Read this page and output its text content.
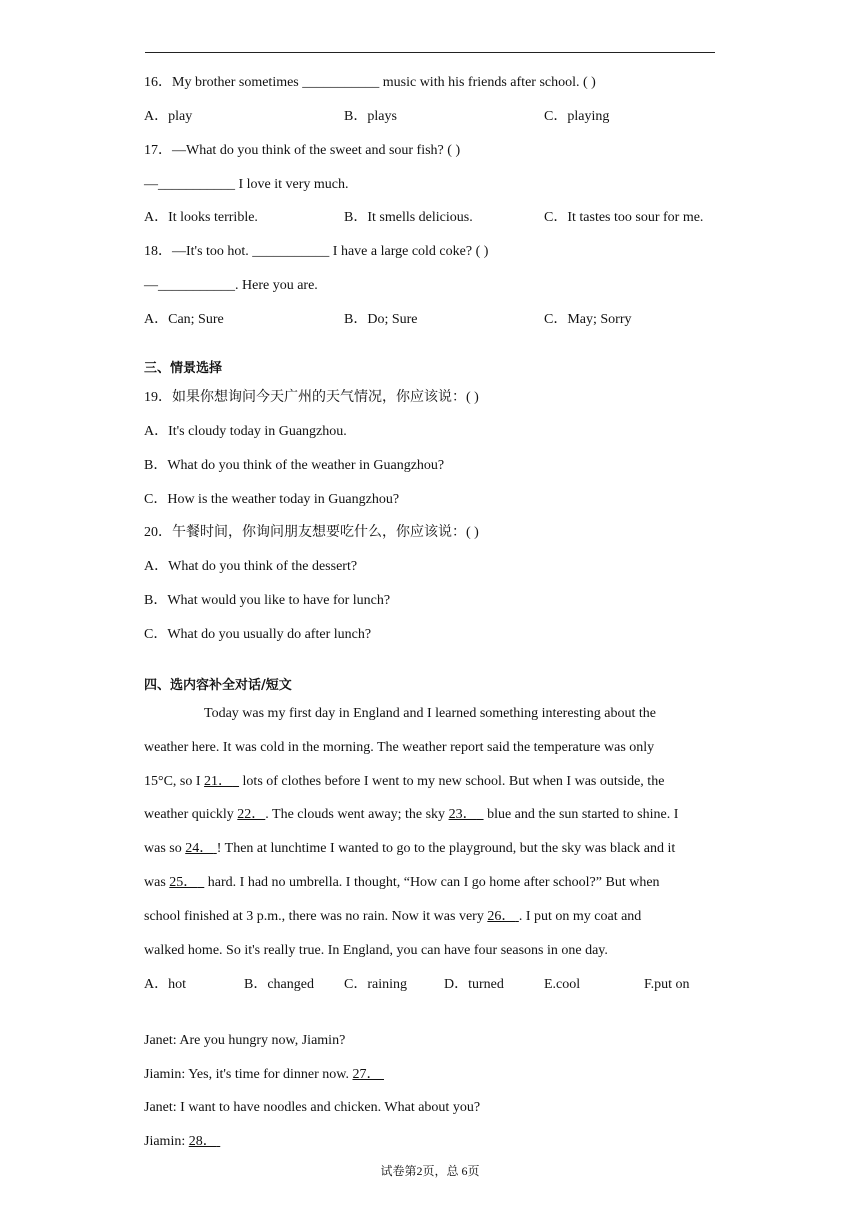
16．My brother sometimes ___________ music with his friends after school. ( )
A．play	B．plays	C．playing
17．—What do you think of the sweet and sour fish? ( )
—___________ I love it very much.
A．It looks terrible.	B．It smells delicious.	C．It tastes too sour for me.
18．—It's too hot. ___________ I have a large cold coke? ( )
—___________. Here you are.
A．Can; Sure	B．Do; Sure	C．May; Sorry
三、情景选择
19．如果你想询问今天广州的天气情况，你应该说：( )
A．It's cloudy today in Guangzhou.
B．What do you think of the weather in Guangzhou?
C．How is the weather today in Guangzhou?
20．午餐时间，你询问朋友想要吃什么，你应该说：( )
A．What do you think of the dessert?
B．What would you like to have for lunch?
C．What do you usually do after lunch?
四、选内容补全对话/短文
Today was my first day in England and I learned something interesting about the
weather here. It was cold in the morning. The weather report said the temperature was only
15°C, so I 21．   lots of clothes before I went to my new school. But when I was outside, the
weather quickly 22．. The clouds went away; the sky 23．   blue and the sun started to shine. I
was so 24． ! Then at lunchtime I wanted to go to the playground, but the sky was black and it
was 25．   hard. I had no umbrella. I thought, “How can I go home after school?” But when
school finished at 3 p.m., there was no rain. Now it was very 26． . I put on my coat and
walked home. So it's really true. In England, you can have four seasons in one day.
A．hot	B．changed C．raining	D．turned	E.cool	F.put on
Janet: Are you hungry now, Jiamin?
Jiamin: Yes, it's time for dinner now. 27．
Janet: I want to have noodles and chicken. What about you?
Jiamin: 28．
试卷第2页，总 6页
